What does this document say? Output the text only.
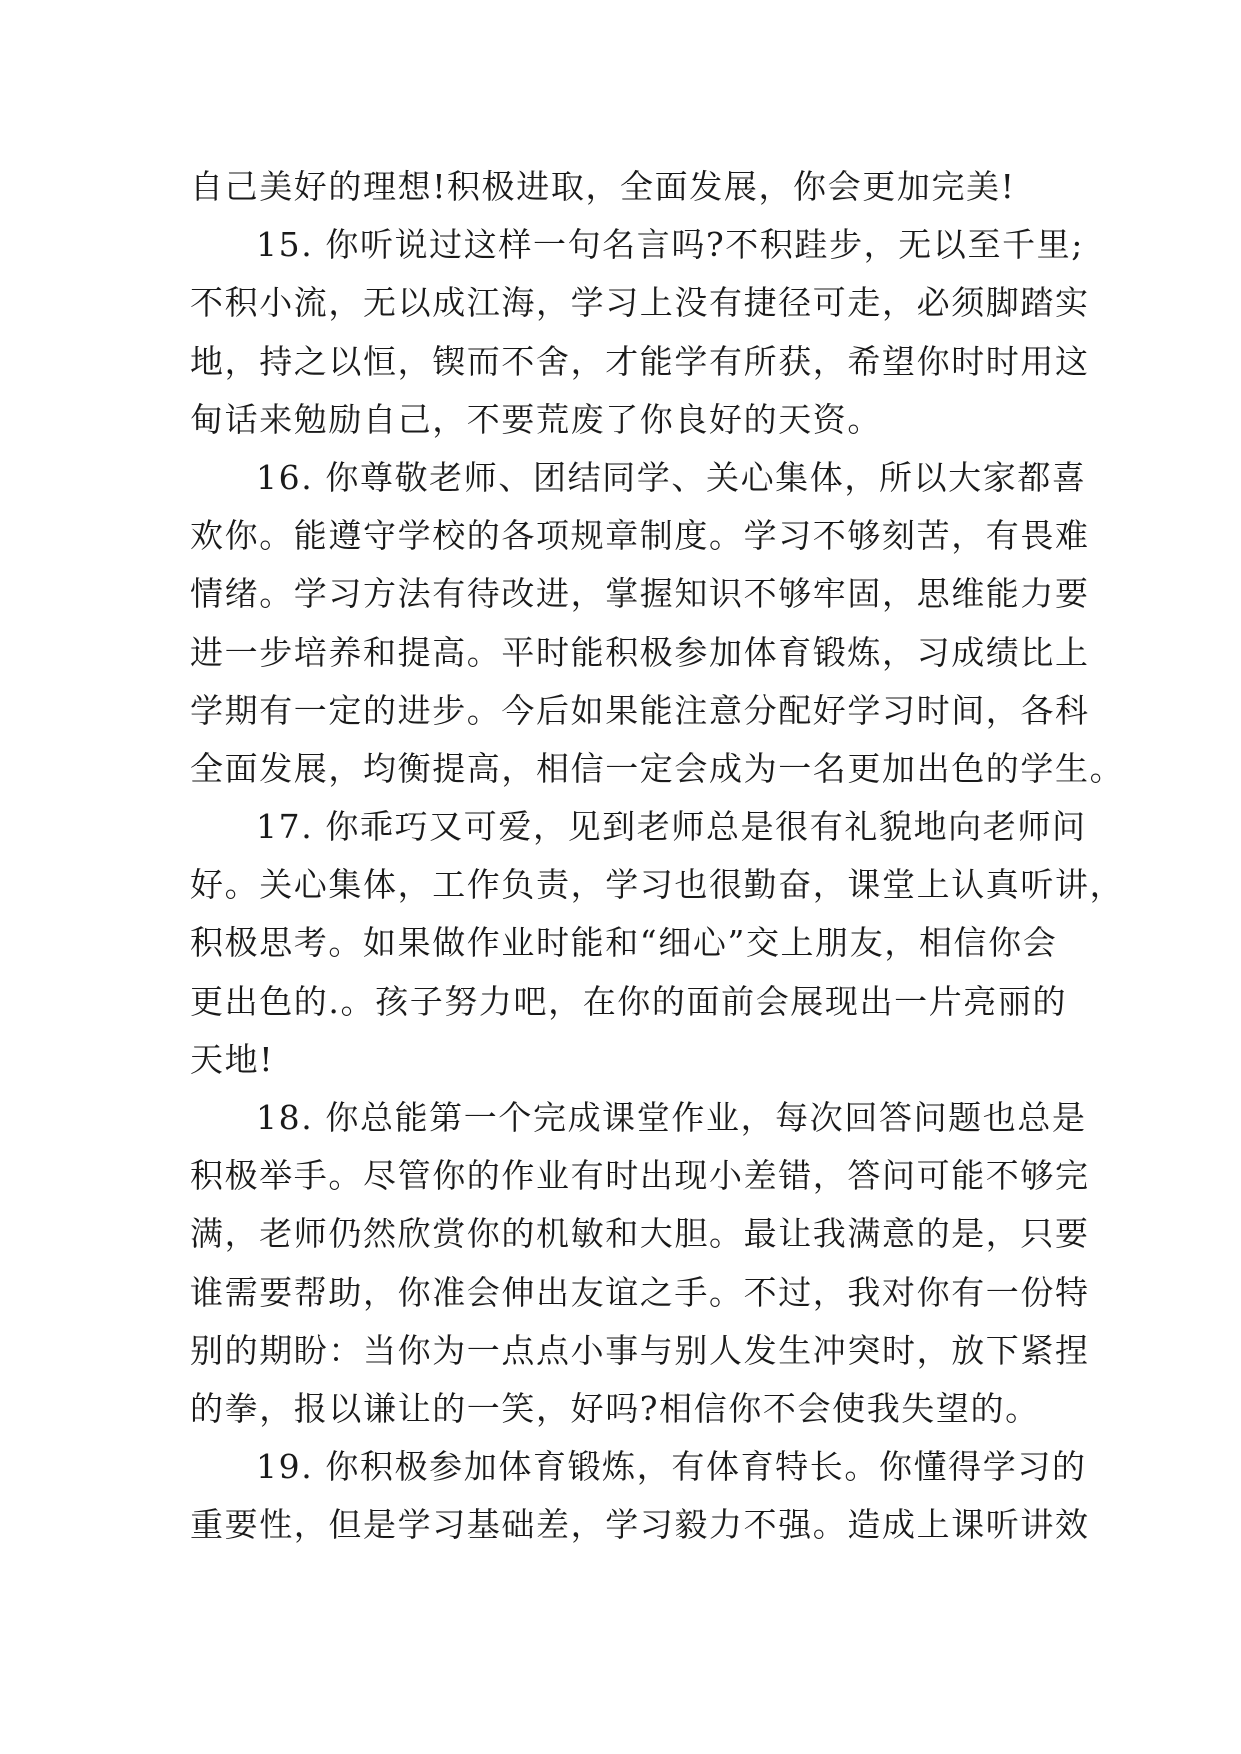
自己美好的理想!积极进取，全面发展，你会更加完美!
15. 你听说过这样一句名言吗?不积跬步，无以至千里;
不积小流，无以成江海，学习上没有捷径可走，必须脚踏实
地，持之以恒，锲而不舍，才能学有所获，希望你时时用这
甸话来勉励自己，不要荒废了你良好的天资。
16. 你尊敬老师、团结同学、关心集体，所以大家都喜
欢你。能遵守学校的各项规章制度。学习不够刻苦，有畏难
情绪。学习方法有待改进，掌握知识不够牢固，思维能力要
进一步培养和提高。平时能积极参加体育锻炼，习成绩比上
学期有一定的进步。今后如果能注意分配好学习时间，各科
全面发展，均衡提高，相信一定会成为一名更加出色的学生。
17. 你乖巧又可爱，见到老师总是很有礼貌地向老师问
好。关心集体，工作负责，学习也很勤奋，课堂上认真听讲，
积极思考。如果做作业时能和“细心”交上朋友，相信你会
更出色的.。孩子努力吧，在你的面前会展现出一片亮丽的
天地!
18. 你总能第一个完成课堂作业，每次回答问题也总是
积极举手。尽管你的作业有时出现小差错，答问可能不够完
满，老师仍然欣赏你的机敏和大胆。最让我满意的是，只要
谁需要帮助，你准会伸出友谊之手。不过，我对你有一份特
别的期盼：当你为一点点小事与别人发生冲突时，放下紧捏
的拳，报以谦让的一笑，好吗?相信你不会使我失望的。
19. 你积极参加体育锻炼，有体育特长。你懂得学习的
重要性，但是学习基础差，学习毅力不强。造成上课听讲效
